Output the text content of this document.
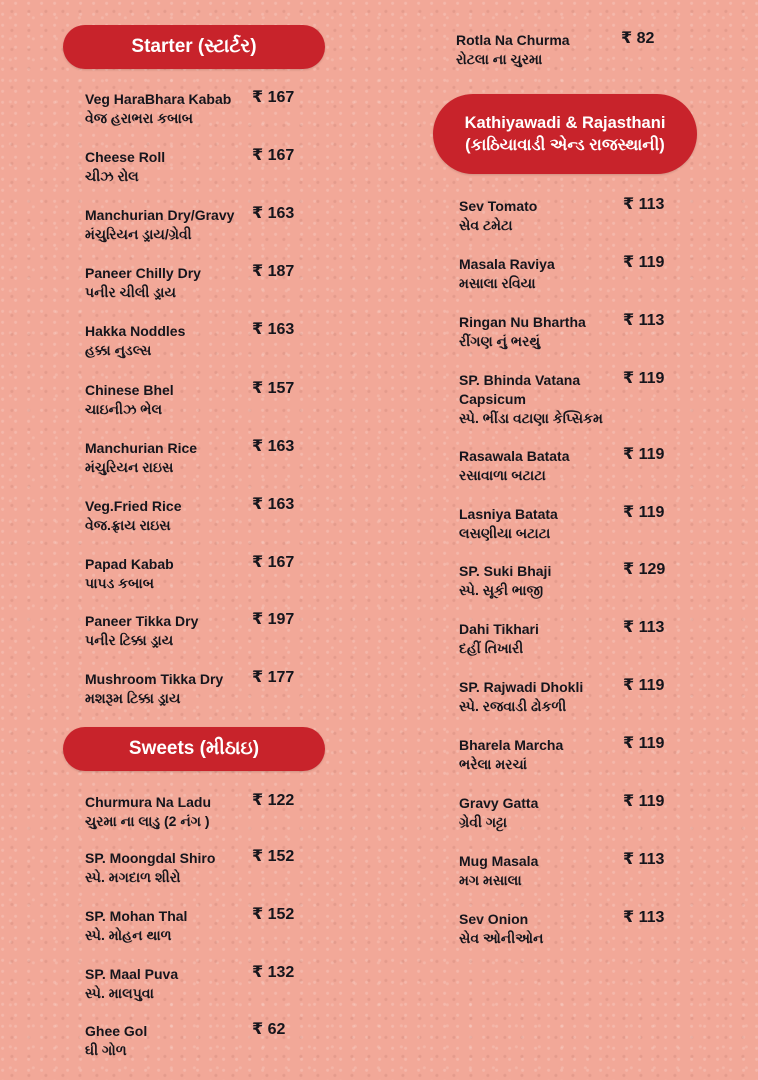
Starter (સ્ટાર્ટર)
Sweets (મીઠાઇ)
Kathiyawadi & Rajasthani
(કાઠિયાવાડી એન્ડ રાજસ્થાની)
Veg HaraBhara Kabab
વેજ હરાભરા કબાબ
₹ 167
Cheese Roll
ચીઝ રોલ
₹ 167
Manchurian Dry/Gravy
મંચુરિયન ડ્રાય/ગ્રેવી
₹ 163
Paneer Chilly Dry
પનીર ચીલી ડ્રાય
₹ 187
Hakka Noddles
હક્કા નુડલ્સ
₹ 163
Chinese Bhel
ચાઇનીઝ ભેલ
₹ 157
Manchurian Rice
મંચુરિયન રાઇસ
₹ 163
Veg.Fried Rice
વેજ.ફ્રાય રાઇસ
₹ 163
Papad Kabab
પાપડ કબાબ
₹ 167
Paneer Tikka Dry
પનીર ટિક્કા ડ્રાય
₹ 197
Mushroom Tikka Dry
મશરૂમ ટિક્કા ડ્રાય
₹ 177
Churmura Na Ladu
ચુરમા ના લાડુ (2 નંગ )
₹ 122
SP. Moongdal Shiro
સ્પે. મગદાળ શીરો
₹ 152
SP. Mohan Thal
સ્પે. મોહન થાળ
₹ 152
SP. Maal Puva
સ્પે. માલપુવા
₹ 132
Ghee Gol
ઘી ગોળ
₹ 62
Rotla Na Churma
રોટલા ના ચુરમા
₹ 82
Sev Tomato
સેવ ટમેટા
₹ 113
Masala Raviya
મસાલા રવિયા
₹ 119
Ringan Nu Bhartha
રીંગણ નું ભરથું
₹ 113
SP. Bhinda Vatana Capsicum
સ્પે. ભીંડા વટાણા કેપ્સિકમ
₹ 119
Rasawala Batata
રસાવાળા બટાટા
₹ 119
Lasniya Batata
લસણીયા બટાટા
₹ 119
SP. Suki Bhaji
સ્પે. સૂકી ભાજી
₹ 129
Dahi Tikhari
દહીં તિખારી
₹ 113
SP. Rajwadi Dhokli
સ્પે. રજવાડી ઢોકળી
₹ 119
Bharela Marcha
ભરેલા મરચાં
₹ 119
Gravy Gatta
ગ્રેવી ગટ્ટા
₹ 119
Mug Masala
મગ મસાલા
₹ 113
Sev Onion
સેવ ઓનીઓન
₹ 113
